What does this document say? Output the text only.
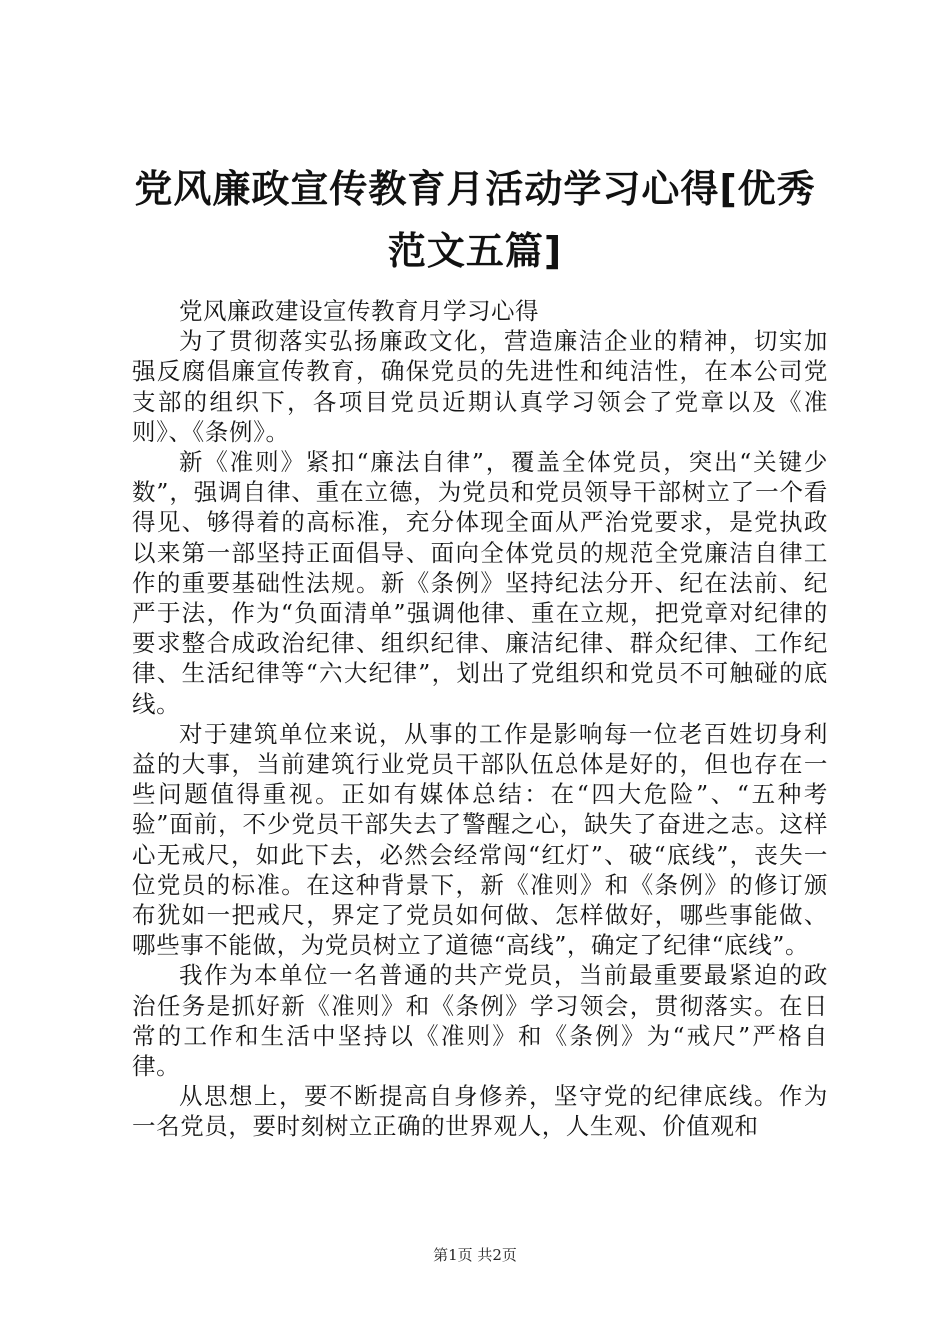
党风廉政宣传教育月活动学习心得[优秀范文五篇]

党风廉政建设宣传教育月学习心得

为了贯彻落实弘扬廉政文化，营造廉洁企业的精神，切实加强反腐倡廉宣传教育，确保党员的先进性和纯洁性，在本公司党支部的组织下，各项目党员近期认真学习领会了党章以及《准则》、《条例》。

新《准则》紧扣“廉法自律”，覆盖全体党员，突出“关键少数”，强调自律、重在立德，为党员和党员领导干部树立了一个看得见、够得着的高标准，充分体现全面从严治党要求，是党执政以来第一部坚持正面倡导、面向全体党员的规范全党廉洁自律工作的重要基础性法规。新《条例》坚持纪法分开、纪在法前、纪严于法，作为“负面清单”强调他律、重在立规，把党章对纪律的要求整合成政治纪律、组织纪律、廉洁纪律、群众纪律、工作纪律、生活纪律等“六大纪律”，划出了党组织和党员不可触碰的底线。

对于建筑单位来说，从事的工作是影响每一位老百姓切身利益的大事，当前建筑行业党员干部队伍总体是好的，但也存在一些问题值得重视。正如有媒体总结：在“四大危险”、“五种考验”面前，不少党员干部失去了警醒之心，缺失了奋进之志。这样心无戒尺，如此下去，必然会经常闯“红灯”、破“底线”，丧失一位党员的标准。在这种背景下，新《准则》和《条例》的修订颁布犹如一把戒尺，界定了党员如何做、怎样做好，哪些事能做、哪些事不能做，为党员树立了道德“高线”，确定了纪律“底线”。

我作为本单位一名普通的共产党员，当前最重要最紧迫的政治任务是抓好新《准则》和《条例》学习领会，贯彻落实。在日常的工作和生活中坚持以《准则》和《条例》为“戒尺”严格自律。

从思想上，要不断提高自身修养，坚守党的纪律底线。作为一名党员，要时刻树立正确的世界观人，人生观、价值观和

第1页 共2页
